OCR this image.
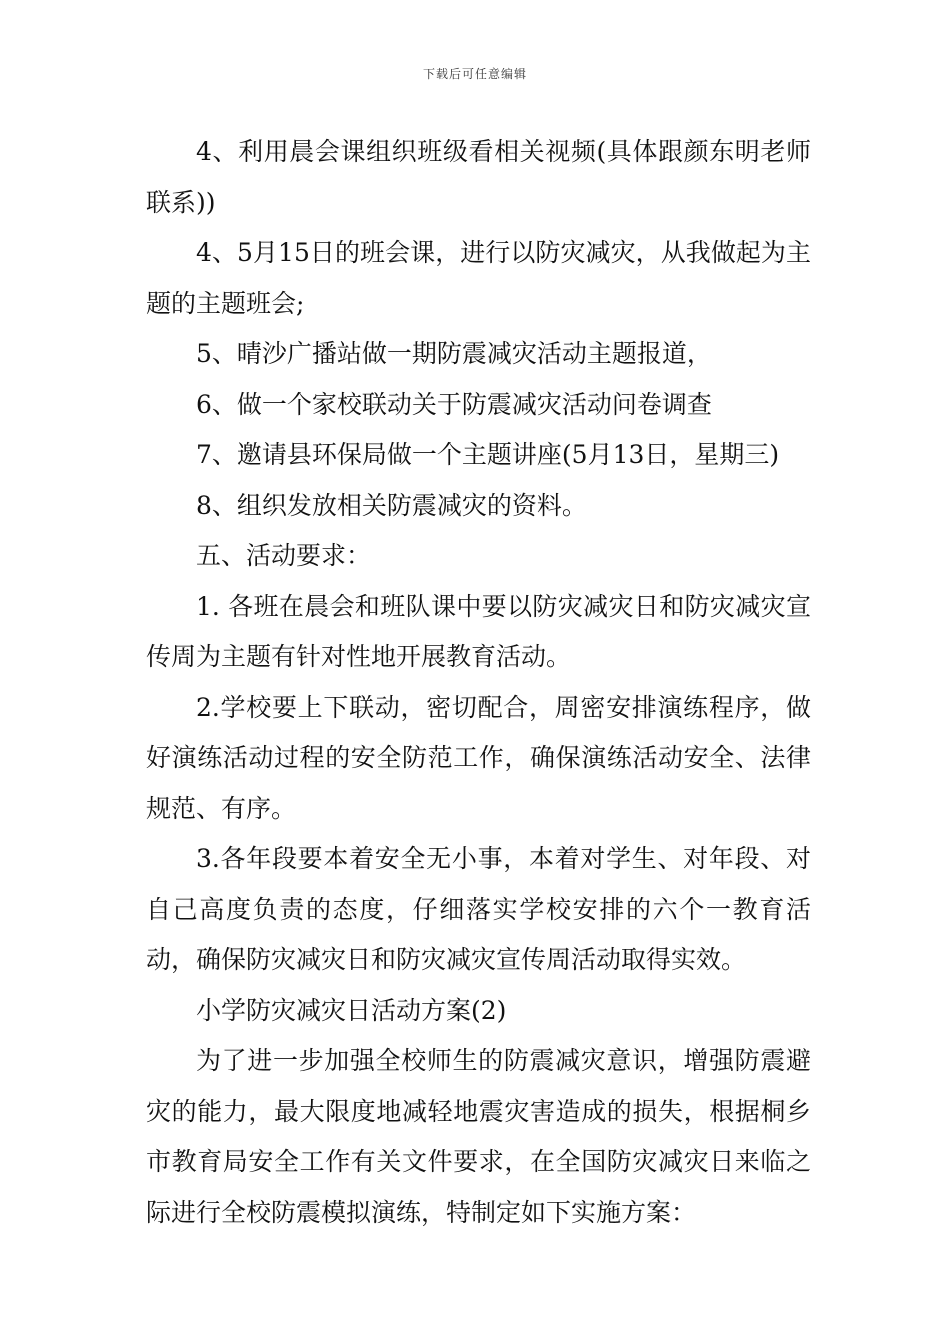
下载后可任意编辑

4、利用晨会课组织班级看相关视频(具体跟颜东明老师联系))

4、5月15日的班会课，进行以防灾减灾，从我做起为主题的主题班会;

5、晴沙广播站做一期防震减灾活动主题报道，

6、做一个家校联动关于防震减灾活动问卷调查

7、邀请县环保局做一个主题讲座(5月13日，星期三)

8、组织发放相关防震减灾的资料。

五、活动要求：

1. 各班在晨会和班队课中要以防灾减灾日和防灾减灾宣传周为主题有针对性地开展教育活动。

2.学校要上下联动，密切配合，周密安排演练程序，做好演练活动过程的安全防范工作，确保演练活动安全、法律规范、有序。

3.各年段要本着安全无小事，本着对学生、对年段、对自己高度负责的态度，仔细落实学校安排的六个一教育活动，确保防灾减灾日和防灾减灾宣传周活动取得实效。

小学防灾减灾日活动方案(2)

为了进一步加强全校师生的防震减灾意识，增强防震避灾的能力，最大限度地减轻地震灾害造成的损失，根据桐乡市教育局安全工作有关文件要求，在全国防灾减灾日来临之际进行全校防震模拟演练，特制定如下实施方案：
